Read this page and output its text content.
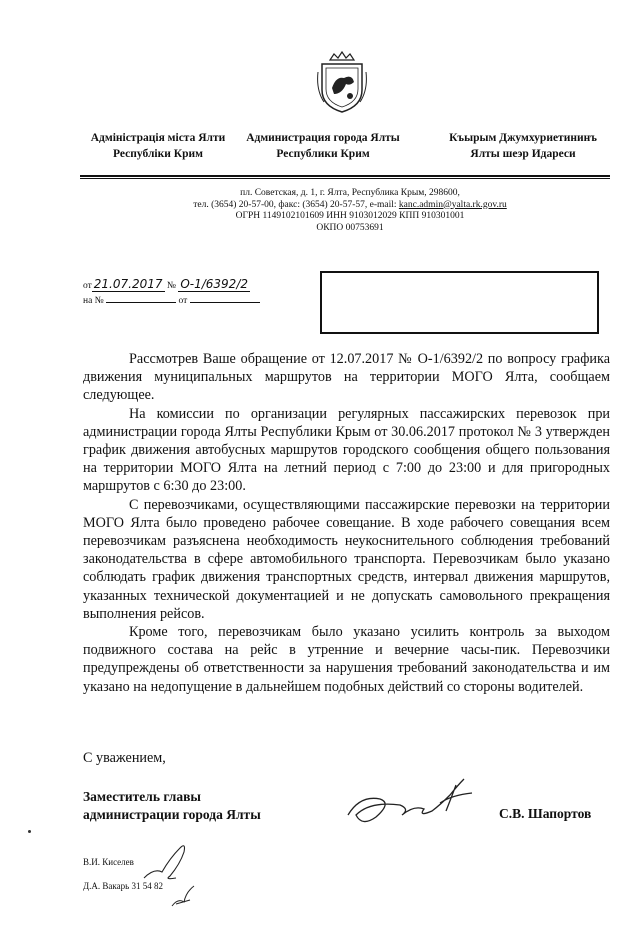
Адміністрація міста Ялти
Республіки Крим
Администрация города Ялты
Республики Крим
Къырым Джумхуриетининъ
Ялты шеэр Идареси
пл. Советская, д. 1, г. Ялта, Республика Крым, 298600,
тел. (3654) 20-57-00, факс: (3654) 20-57-57, e-mail: kanc.admin@yalta.rk.gov.ru
ОГРН 1149102101609 ИНН 9103012029 КПП 910301001
ОКПО 00753691
от 21.07.2017 № О-1/6392/2
на №	от

Рассмотрев Ваше обращение от 12.07.2017 № О-1/6392/2 по вопросу графика движения муниципальных маршрутов на территории МОГО Ялта, сообщаем следующее.

На комиссии по организации регулярных пассажирских перевозок при администрации города Ялты Республики Крым от 30.06.2017 протокол № 3 утвержден график движения автобусных маршрутов городского сообщения общего пользования на территории МОГО Ялта на летний период с 7:00 до 23:00 и для пригородных маршрутов с 6:30 до 23:00.

С перевозчиками, осуществляющими пассажирские перевозки на территории МОГО Ялта было проведено рабочее совещание. В ходе рабочего совещания всем перевозчикам разъяснена необходимость неукоснительного соблюдения требований законодательства в сфере автомобильного транспорта. Перевозчикам было указано соблюдать график движения транспортных средств, интервал движения маршрутов, указанных технической документацией и не допускать самовольного прекращения выполнения рейсов.

Кроме того, перевозчикам было указано усилить контроль за выходом подвижного состава на рейс в утренние и вечерние часы-пик. Перевозчики предупреждены об ответственности за нарушения требований законодательства и им указано на недопущение в дальнейшем подобных действий со стороны водителей.

С уважением,
Заместитель главы
администрации города Ялты	С.В. Шапортов
В.И. Киселев
Д.А. Вакарь 31 54 82
